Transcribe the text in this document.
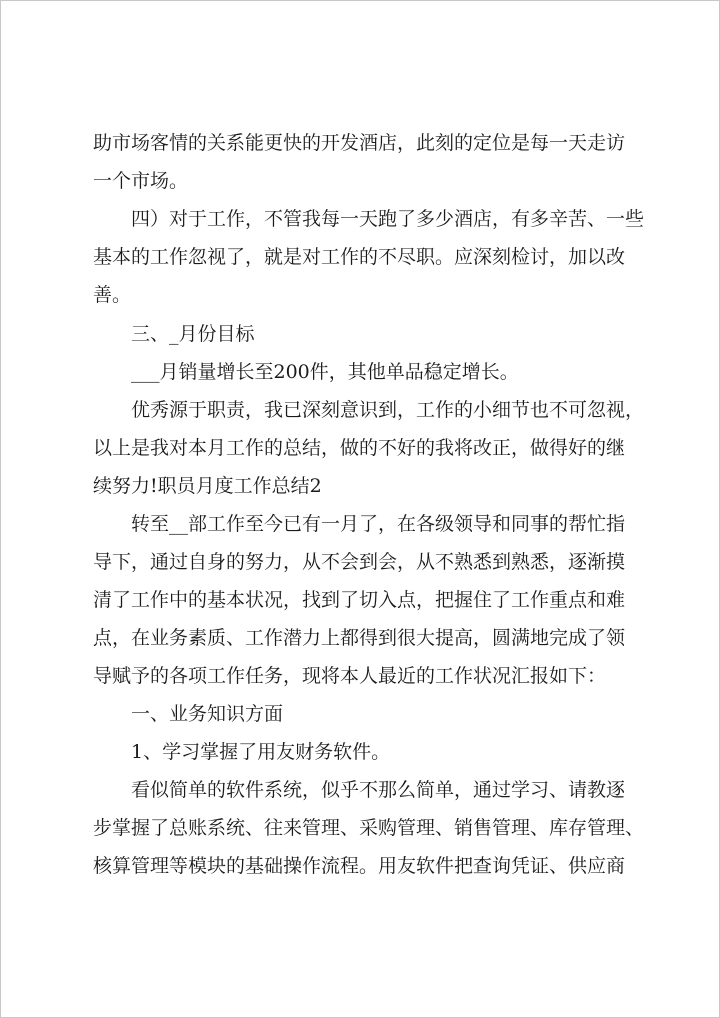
助市场客情的关系能更快的开发酒店，此刻的定位是每一天走访
一个市场。
四）对于工作，不管我每一天跑了多少酒店，有多辛苦、一些
基本的工作忽视了，就是对工作的不尽职。应深刻检讨，加以改
善。
三、_月份目标
___月销量增长至200件，其他单品稳定增长。
优秀源于职责，我已深刻意识到，工作的小细节也不可忽视，
以上是我对本月工作的总结，做的不好的我将改正，做得好的继
续努力!职员月度工作总结2
转至__部工作至今已有一月了，在各级领导和同事的帮忙指
导下，通过自身的努力，从不会到会，从不熟悉到熟悉，逐渐摸
清了工作中的基本状况，找到了切入点，把握住了工作重点和难
点，在业务素质、工作潜力上都得到很大提高，圆满地完成了领
导赋予的各项工作任务，现将本人最近的工作状况汇报如下：
一、业务知识方面
1、学习掌握了用友财务软件。
看似简单的软件系统，似乎不那么简单，通过学习、请教逐
步掌握了总账系统、往来管理、采购管理、销售管理、库存管理、
核算管理等模块的基础操作流程。用友软件把查询凭证、供应商
